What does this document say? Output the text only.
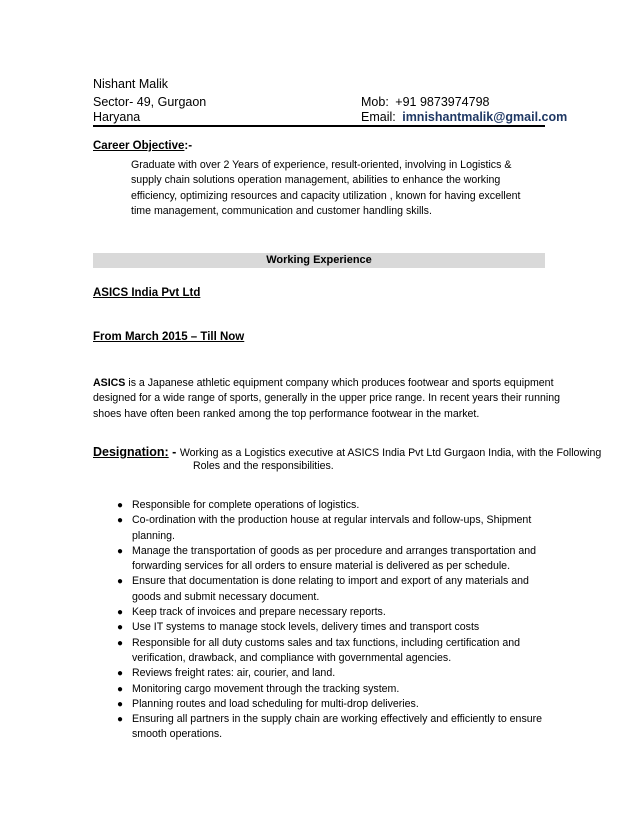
Nishant Malik
Sector- 49, Gurgaon
Haryana
Mob: +91 9873974798
Email: imnishantmalik@gmail.com
Career Objective:-
Graduate with over 2 Years of experience, result-oriented, involving in Logistics &
supply chain solutions operation management, abilities to enhance the working
efficiency, optimizing resources and capacity utilization , known for having excellent
time management, communication and customer handling skills.
Working Experience
ASICS India Pvt Ltd
From March 2015 – Till Now
ASICS is a Japanese athletic equipment company which produces footwear and sports equipment
designed for a wide range of sports, generally in the upper price range. In recent years their running
shoes have often been ranked among the top performance footwear in the market.
Designation: - Working as a Logistics executive at ASICS India Pvt Ltd Gurgaon India, with the Following
Roles and the responsibilities.
● Responsible for complete operations of logistics.
● Co-ordination with the production house at regular intervals and follow-ups, Shipment planning.
● Manage the transportation of goods as per procedure and arranges transportation and forwarding services for all orders to ensure material is delivered as per schedule.
● Ensure that documentation is done relating to import and export of any materials and goods and submit necessary document.
● Keep track of invoices and prepare necessary reports.
● Use IT systems to manage stock levels, delivery times and transport costs
● Responsible for all duty customs sales and tax functions, including certification and verification, drawback, and compliance with governmental agencies.
● Reviews freight rates: air, courier, and land.
● Monitoring cargo movement through the tracking system.
● Planning routes and load scheduling for multi-drop deliveries.
● Ensuring all partners in the supply chain are working effectively and efficiently to ensure smooth operations.
